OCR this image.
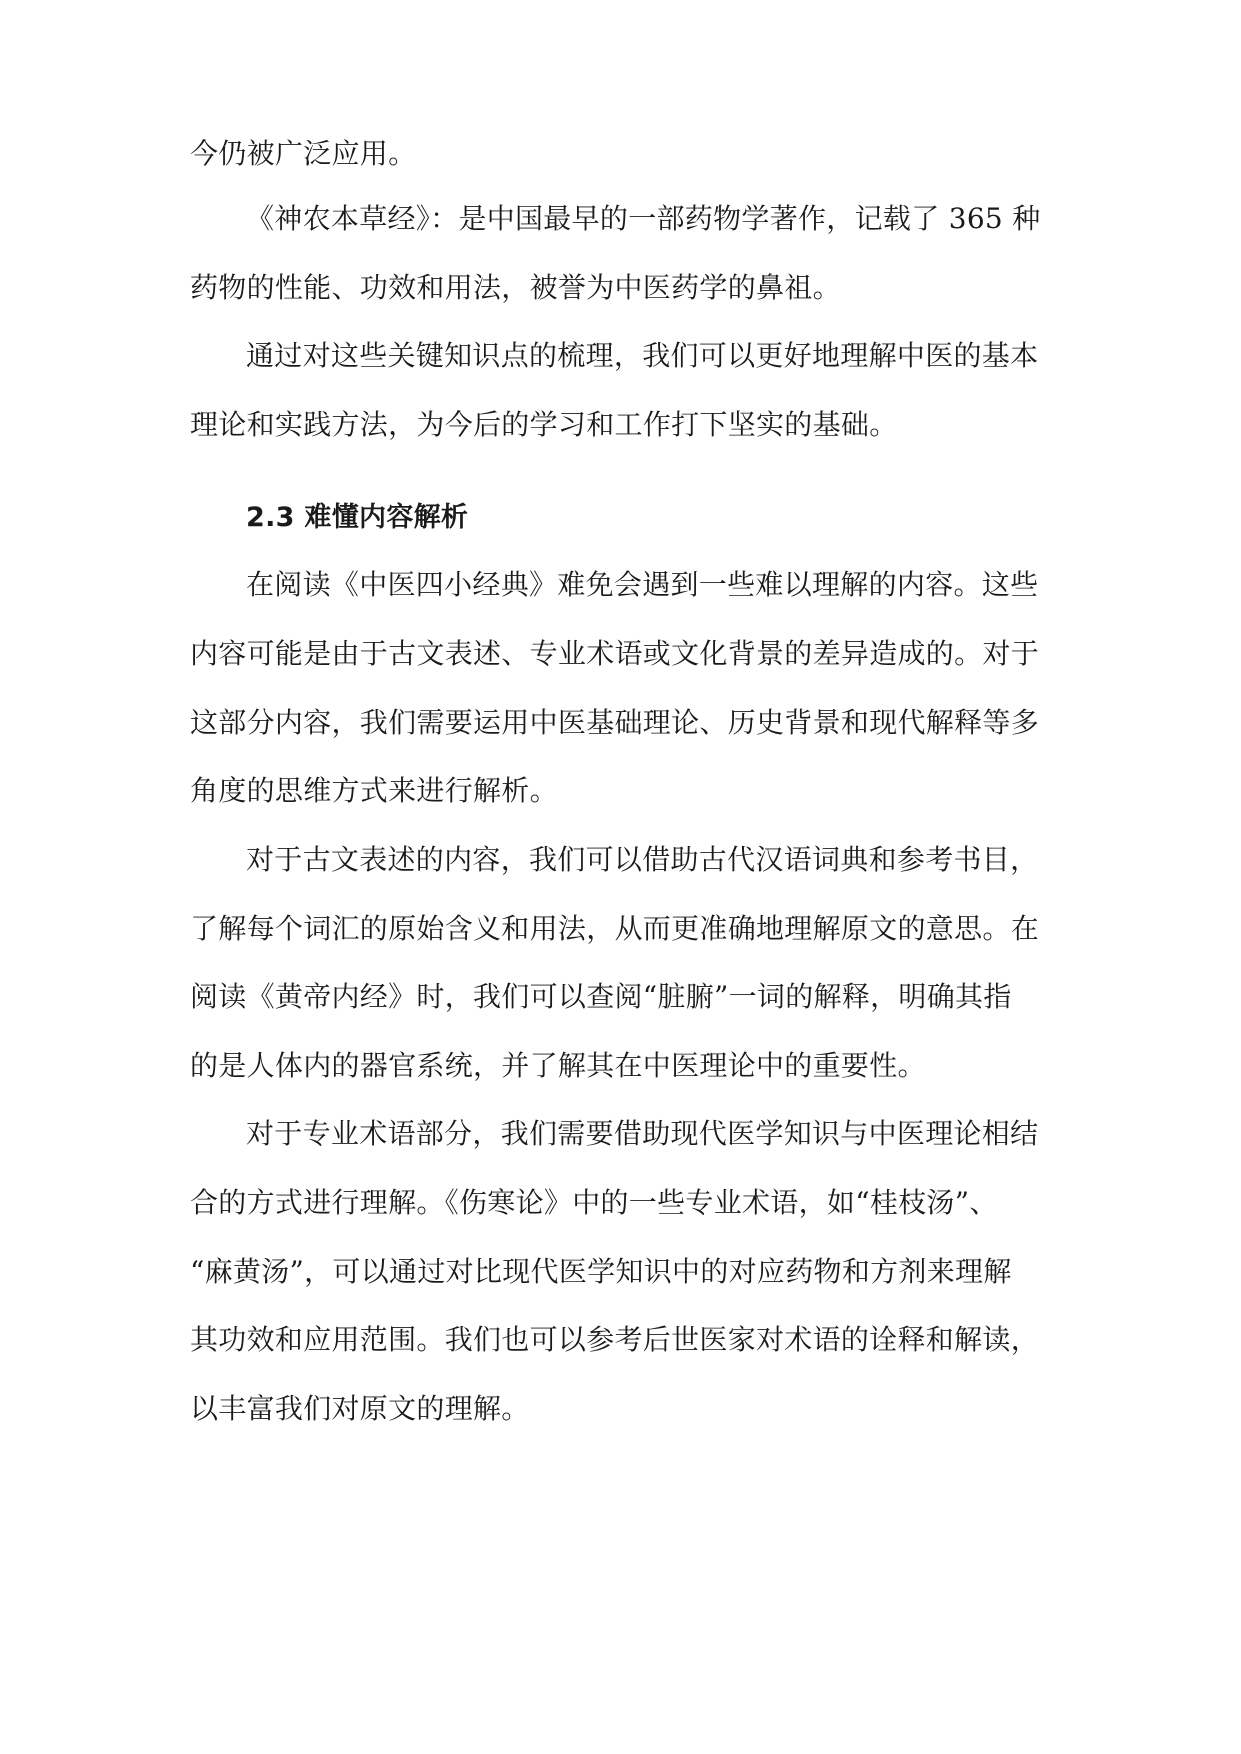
今仍被广泛应用。
《神农本草经》：是中国最早的一部药物学著作，记载了 365 种
药物的性能、功效和用法，被誉为中医药学的鼻祖。
通过对这些关键知识点的梳理，我们可以更好地理解中医的基本
理论和实践方法，为今后的学习和工作打下坚实的基础。
2.3 难懂内容解析
在阅读《中医四小经典》难免会遇到一些难以理解的内容。这些
内容可能是由于古文表述、专业术语或文化背景的差异造成的。对于
这部分内容，我们需要运用中医基础理论、历史背景和现代解释等多
角度的思维方式来进行解析。
对于古文表述的内容，我们可以借助古代汉语词典和参考书目，
了解每个词汇的原始含义和用法，从而更准确地理解原文的意思。在
阅读《黄帝内经》时，我们可以查阅“脏腑”一词的解释，明确其指
的是人体内的器官系统，并了解其在中医理论中的重要性。
对于专业术语部分，我们需要借助现代医学知识与中医理论相结
合的方式进行理解。《伤寒论》中的一些专业术语，如“桂枝汤”、
“麻黄汤”，可以通过对比现代医学知识中的对应药物和方剂来理解
其功效和应用范围。我们也可以参考后世医家对术语的诠释和解读，
以丰富我们对原文的理解。
